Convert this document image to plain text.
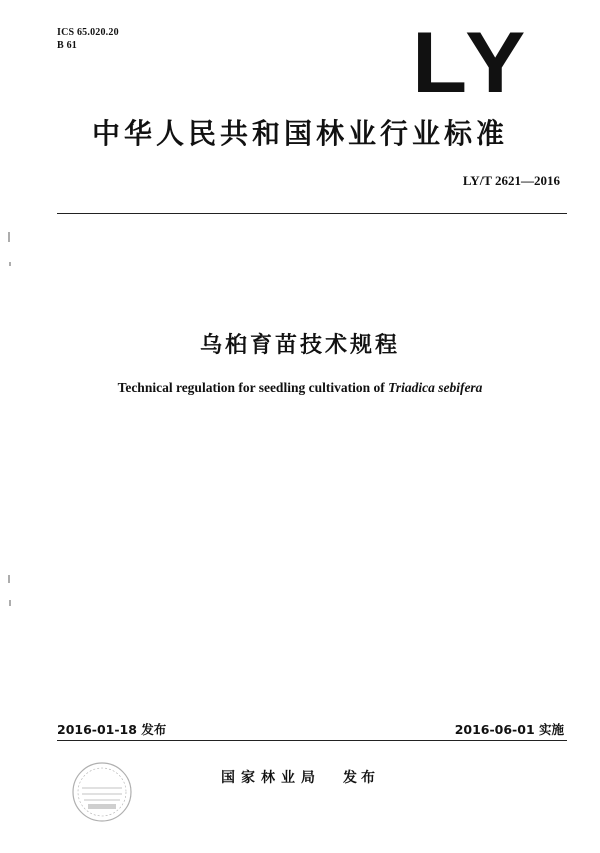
ICS 65.020.20
B 61	LY
中华人民共和国林业行业标准
LY/T 2621—2016
乌桕育苗技术规程
Technical regulation for seedling cultivation of Triadica sebifera
2016-01-18 发布	2016-06-01 实施
国家林业局 发布
